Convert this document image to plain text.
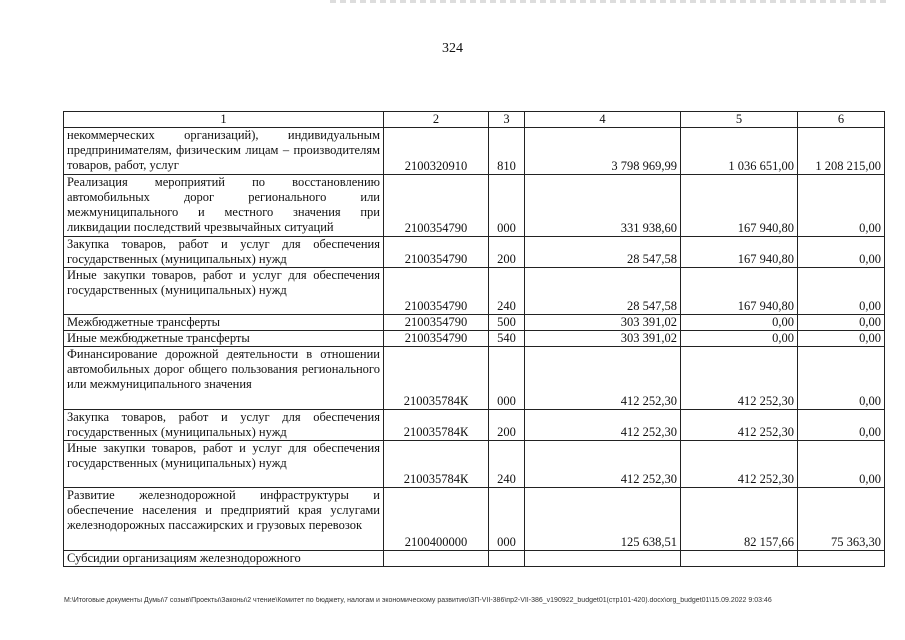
324
1	2	3	4	5	6
некоммерческих организаций), индивидуальным предпринимателям, физическим лицам – производителям товаров, работ, услуг	2100320910	810	3 798 969,99	1 036 651,00	1 208 215,00
Реализация мероприятий по восстановлению автомобильных дорог регионального или межмуниципального и местного значения при ликвидации последствий чрезвычайных ситуаций	2100354790	000	331 938,60	167 940,80	0,00
Закупка товаров, работ и услуг для обеспечения государственных (муниципальных) нужд	2100354790	200	28 547,58	167 940,80	0,00
Иные закупки товаров, работ и услуг для обеспечения государственных (муниципальных) нужд	2100354790	240	28 547,58	167 940,80	0,00
Межбюджетные трансферты	2100354790	500	303 391,02	0,00	0,00
Иные межбюджетные трансферты	2100354790	540	303 391,02	0,00	0,00
Финансирование дорожной деятельности в отношении автомобильных дорог общего пользования регионального или межмуниципального значения	210035784К	000	412 252,30	412 252,30	0,00
Закупка товаров, работ и услуг для обеспечения государственных (муниципальных) нужд	210035784К	200	412 252,30	412 252,30	0,00
Иные закупки товаров, работ и услуг для обеспечения государственных (муниципальных) нужд	210035784К	240	412 252,30	412 252,30	0,00
Развитие железнодорожной инфраструктуры и обеспечение населения и предприятий края услугами железнодорожных пассажирских и грузовых перевозок	2100400000	000	125 638,51	82 157,66	75 363,30
Субсидии организациям железнодорожного					
M:\Итоговые документы Думы\7 созыв\Проекты\Законы\2 чтение\Комитет по бюджету, налогам и экономическому развитию\ЗП-VII-386\пр2-VII-386_v190922_budget01(стр101-420).docx\org_budget01\15.09.2022 9:03:46
